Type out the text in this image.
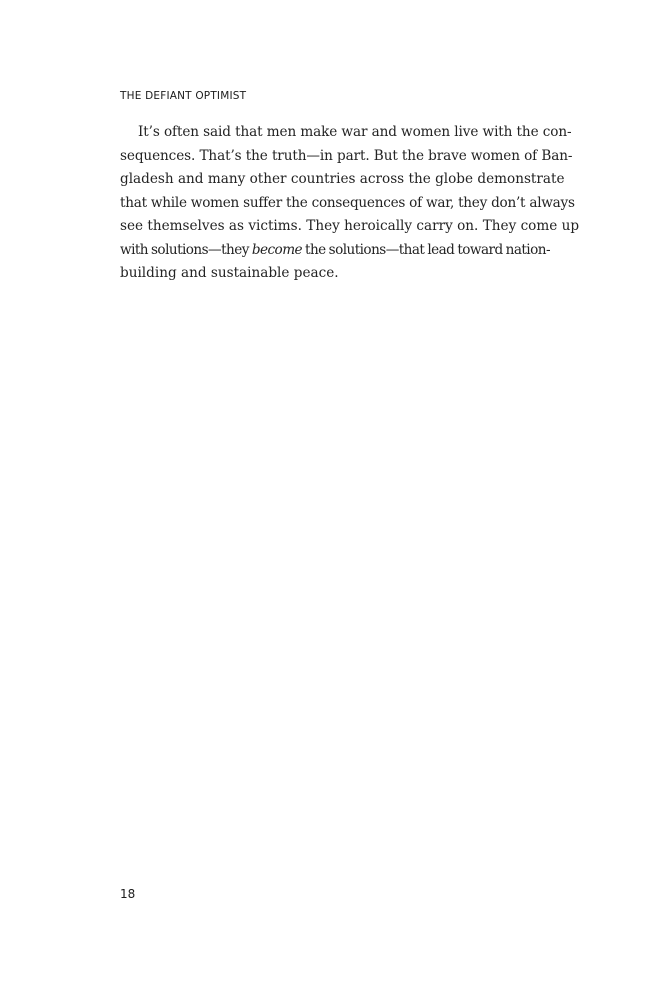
THE DEFIANT OPTIMIST
It’s often said that men make war and women live with the con-
sequences. That’s the truth—in part. But the brave women of Ban-
gladesh and many other countries across the globe demonstrate
that while women suffer the consequences of war, they don’t always
see themselves as victims. They heroically carry on. They come up
with solutions—they become the solutions—that lead toward nation-
building and sustainable peace.
18
